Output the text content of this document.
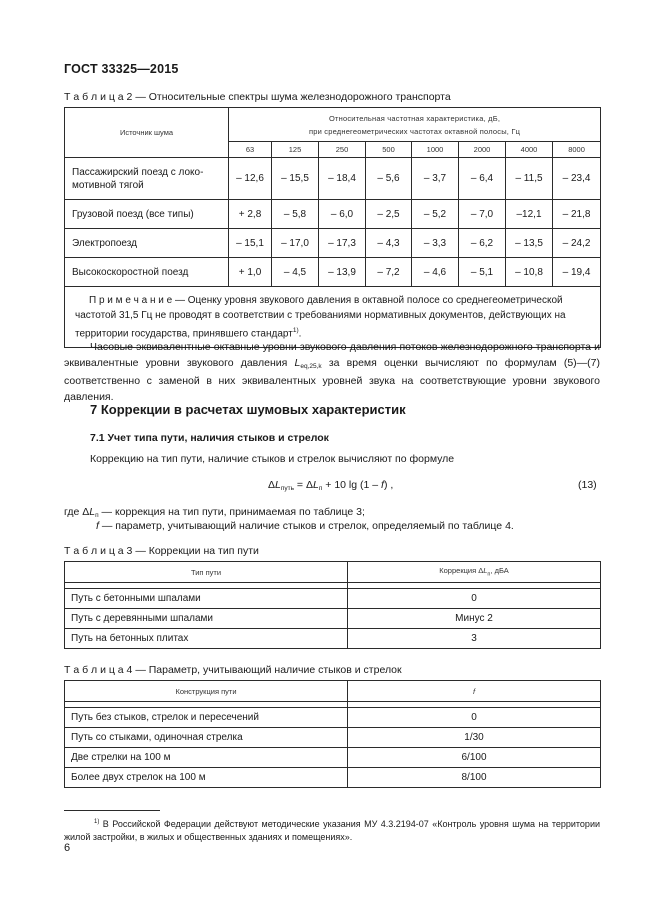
ГОСТ 33325—2015
Т а б л и ц а 2 — Относительные спектры шума железнодорожного транспорта
Источник шума	Относительная частотная характеристика, дБ,
при среднегеометрических частотах октавной полосы, Гц							

	63	125	250	500	1000	2000	4000	8000

Пассажирский поезд с локо-
мотивной тягой	– 12,6	– 15,5	– 18,4	– 5,6	– 3,7	– 6,4	– 11,5	– 23,4
Грузовой поезд (все типы)	+ 2,8	– 5,8	– 6,0	– 2,5	– 5,2	– 7,0	–12,1	– 21,8
Электропоезд	– 15,1	– 17,0	– 17,3	– 4,3	– 3,3	– 6,2	– 13,5	– 24,2
Высокоскоростной поезд	+ 1,0	– 4,5	– 13,9	– 7,2	– 4,6	– 5,1	– 10,8	– 19,4
П р и м е ч а н и е — Оценку уровня звукового давления в октавной полосе со среднегеометрической частотой 31,5 Гц не проводят в соответствии с требованиями нормативных документов, действующих на территории государства, принявшего стандарт$^{1)}$.								

Часовые эквивалентные октавные уровни звукового давления потоков железнодорожного транспорта и эквивалентные уровни звукового давления $L_{eq,25,k}$ за время оценки вычисляют по формулам (5)—(7) соответственно с заменой в них эквивалентных уровней звука на соответствующие уровни звукового давления.

7 Коррекции в расчетах шумовых характеристик
7.1 Учет типа пути, наличия стыков и стрелок

Коррекцию на тип пути, наличие стыков и стрелок вычисляют по формуле

$\Delta L_{путь} = \Delta L_п + 10$ lg (1 – f) ,	(13)
где $\Delta L_п$ — коррекция на тип пути, принимаемая по таблице 3;
f — параметр, учитывающий наличие стыков и стрелок, определяемый по таблице 4.
Т а б л и ц а 3 — Коррекции на тип пути
Тип пути	Коррекция $\Delta L_п$, дБА

Путь с бетонными шпалами	0
Путь с деревянными шпалами	Минус 2
Путь на бетонных плитах	3
Т а б л и ц а 4 — Параметр, учитывающий наличие стыков и стрелок
Конструкция пути	f

Путь без стыков, стрелок и пересечений	0
Путь со стыками, одиночная стрелка	1/30
Две стрелки на 100 м	6/100
Более двух стрелок на 100 м	8/100
$^{1)}$ В Российской Федерации действуют методические указания МУ 4.3.2194-07 «Контроль уровня шума на территории жилой застройки, в жилых и общественных зданиях и помещениях».
6
